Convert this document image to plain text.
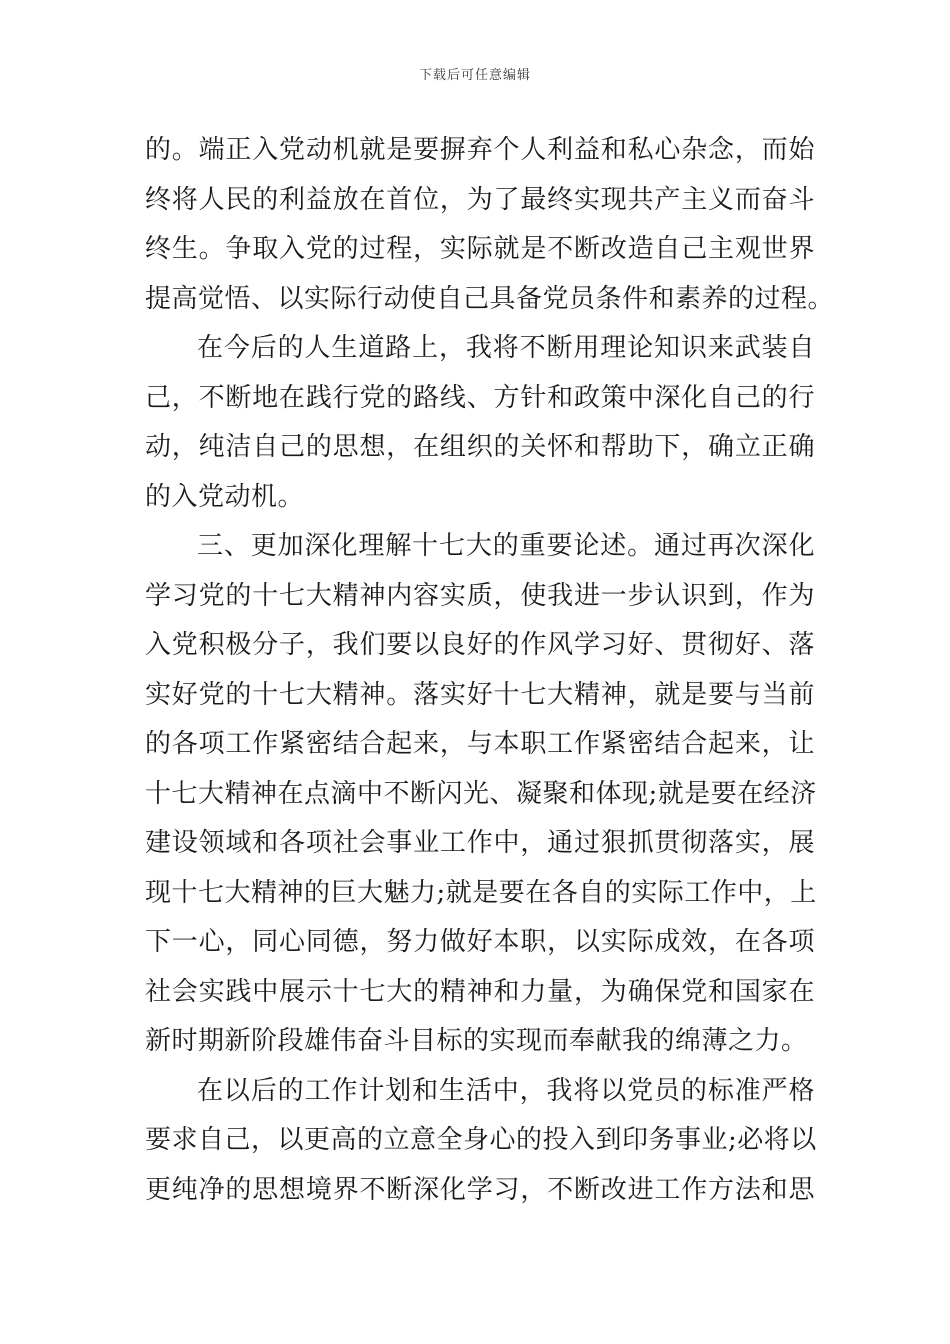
下载后可任意编辑
的。端正入党动机就是要摒弃个人利益和私心杂念，而始
终将人民的利益放在首位，为了最终实现共产主义而奋斗
终生。争取入党的过程，实际就是不断改造自己主观世界
提高觉悟、以实际行动使自己具备党员条件和素养的过程。
在今后的人生道路上，我将不断用理论知识来武装自
己，不断地在践行党的路线、方针和政策中深化自己的行
动，纯洁自己的思想，在组织的关怀和帮助下，确立正确
的入党动机。
三、更加深化理解十七大的重要论述。通过再次深化
学习党的十七大精神内容实质，使我进一步认识到，作为
入党积极分子，我们要以良好的作风学习好、贯彻好、落
实好党的十七大精神。落实好十七大精神，就是要与当前
的各项工作紧密结合起来，与本职工作紧密结合起来，让
十七大精神在点滴中不断闪光、凝聚和体现;就是要在经济
建设领域和各项社会事业工作中，通过狠抓贯彻落实，展
现十七大精神的巨大魅力;就是要在各自的实际工作中，上
下一心，同心同德，努力做好本职，以实际成效，在各项
社会实践中展示十七大的精神和力量，为确保党和国家在
新时期新阶段雄伟奋斗目标的实现而奉献我的绵薄之力。
在以后的工作计划和生活中，我将以党员的标准严格
要求自己，以更高的立意全身心的投入到印务事业;必将以
更纯净的思想境界不断深化学习，不断改进工作方法和思
